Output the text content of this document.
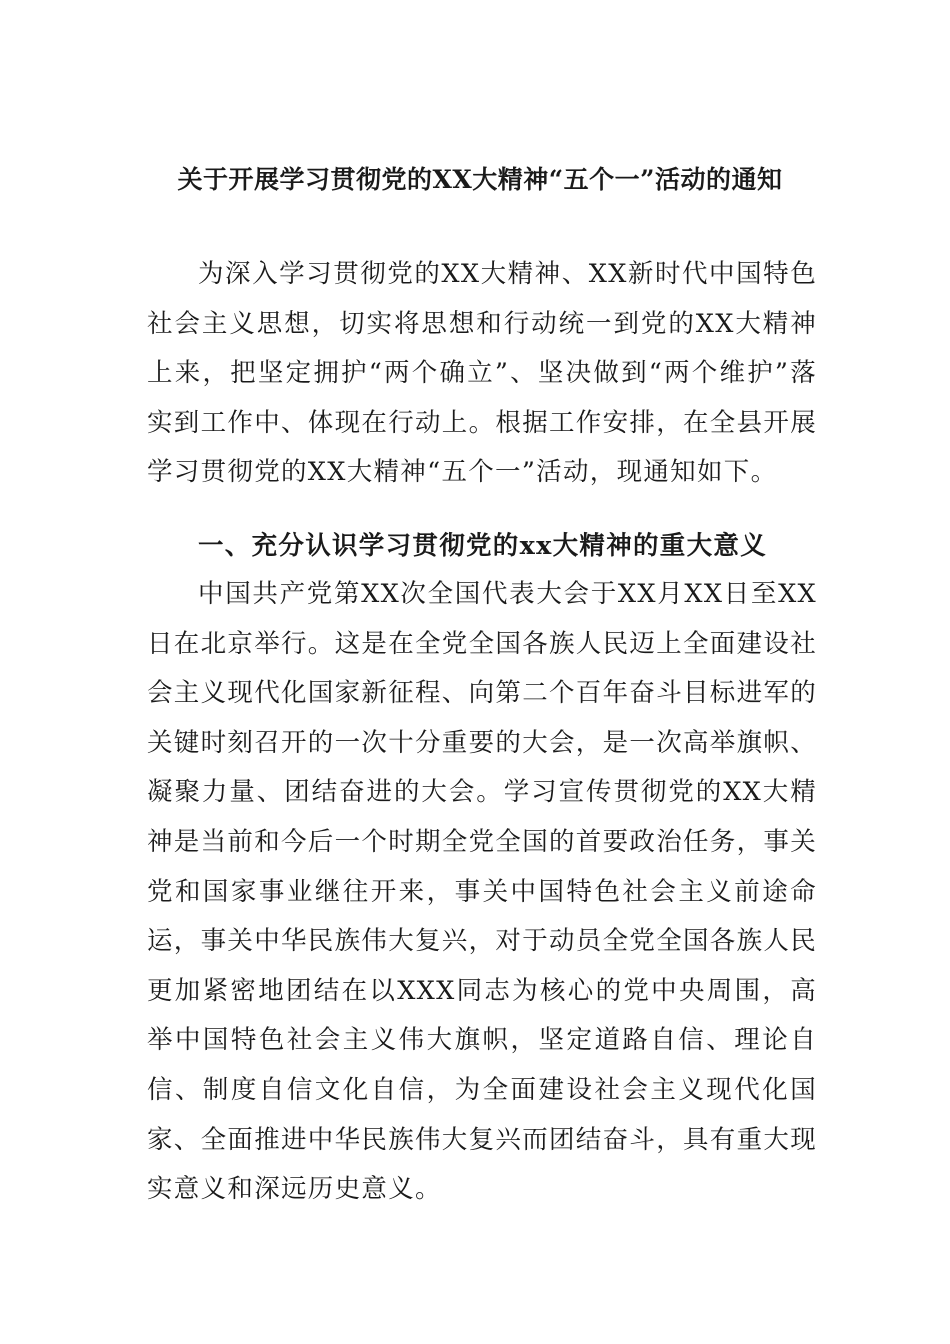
关于开展学习贯彻党的XX大精神“五个一”活动的通知

为深入学习贯彻党的XX大精神、XX新时代中国特色社会主义思想，切实将思想和行动统一到党的XX大精神上来，把坚定拥护“两个确立”、坚决做到“两个维护”落实到工作中、体现在行动上。根据工作安排，在全县开展学习贯彻党的XX大精神“五个一”活动，现通知如下。

一、充分认识学习贯彻党的xx大精神的重大意义

中国共产党第XX次全国代表大会于XX月XX日至XX日在北京举行。这是在全党全国各族人民迈上全面建设社会主义现代化国家新征程、向第二个百年奋斗目标进军的关键时刻召开的一次十分重要的大会，是一次高举旗帜、凝聚力量、团结奋进的大会。学习宣传贯彻党的XX大精神是当前和今后一个时期全党全国的首要政治任务，事关党和国家事业继往开来，事关中国特色社会主义前途命运，事关中华民族伟大复兴，对于动员全党全国各族人民更加紧密地团结在以XXX同志为核心的党中央周围，高举中国特色社会主义伟大旗帜，坚定道路自信、理论自信、制度自信文化自信，为全面建设社会主义现代化国家、全面推进中华民族伟大复兴而团结奋斗，具有重大现实意义和深远历史意义。
